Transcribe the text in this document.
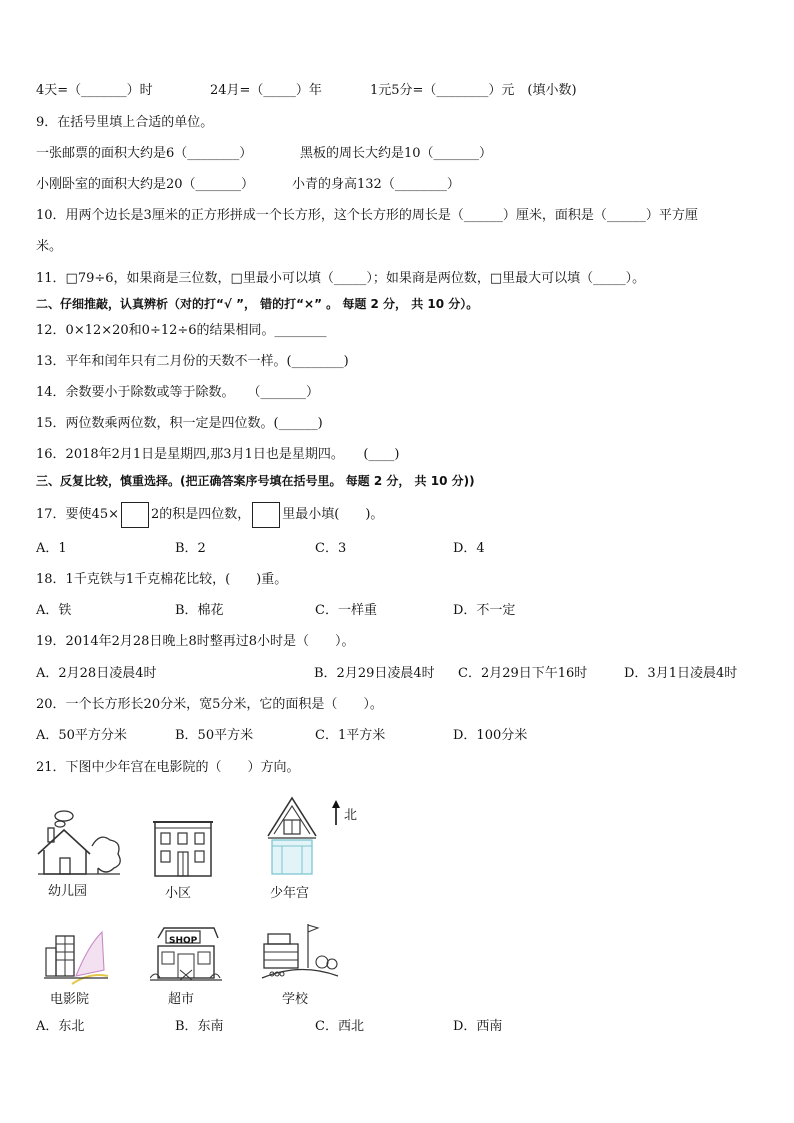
4天=（_______）时	24月=（_____）年	1元5分=（________）元　(填小数)
9．在括号里填上合适的单位。
一张邮票的面积大约是6（________）	黑板的周长大约是10（_______）
小刚卧室的面积大约是20（_______）	小青的身高132（________）
10．用两个边长是3厘米的正方形拼成一个长方形，这个长方形的周长是（______）厘米，面积是（______）平方厘
米。
11．□79÷6，如果商是三位数，□里最小可以填（_____）；如果商是两位数，□里最大可以填（_____）。
二、仔细推敲，认真辨析（对的打“√ ”， 错的打“×” 。 每题 2 分， 共 10 分）。
12．0×12×20和0÷12÷6的结果相同。________
13．平年和闰年只有二月份的天数不一样。(________)
14．余数要小于除数或等于除数。　　（_______）
15．两位数乘两位数，积一定是四位数。(______)
16．2018年2月1日是星期四,那3月1日也是星期四。　　(____)
三、反复比较，慎重选择。(把正确答案序号填在括号里。 每题 2 分， 共 10 分))
17．要使45× 2的积是四位数， 里最小填(　　)。
A．1	B．2	C．3	D．4
18．1千克铁与1千克棉花比较，(　　)重。
A．铁	B．棉花	C．一样重	D．不一定
19．2014年2月28日晚上8时整再过8小时是（　　）。
A．2月28日凌晨4时	B．2月29日凌晨4时 C．2月29日下午16时	D．3月1日凌晨4时
20．一个长方形长20分米，宽5分米，它的面积是（　　）。
A．50平方分米	B．50平方米	C．1平方米	D．100分米
21．下图中少年宫在电影院的（　　）方向。
北
幼儿园	小区	少年宫
电影院
SHOP
超市	学校
A．东北	B．东南	C．西北	D．西南
